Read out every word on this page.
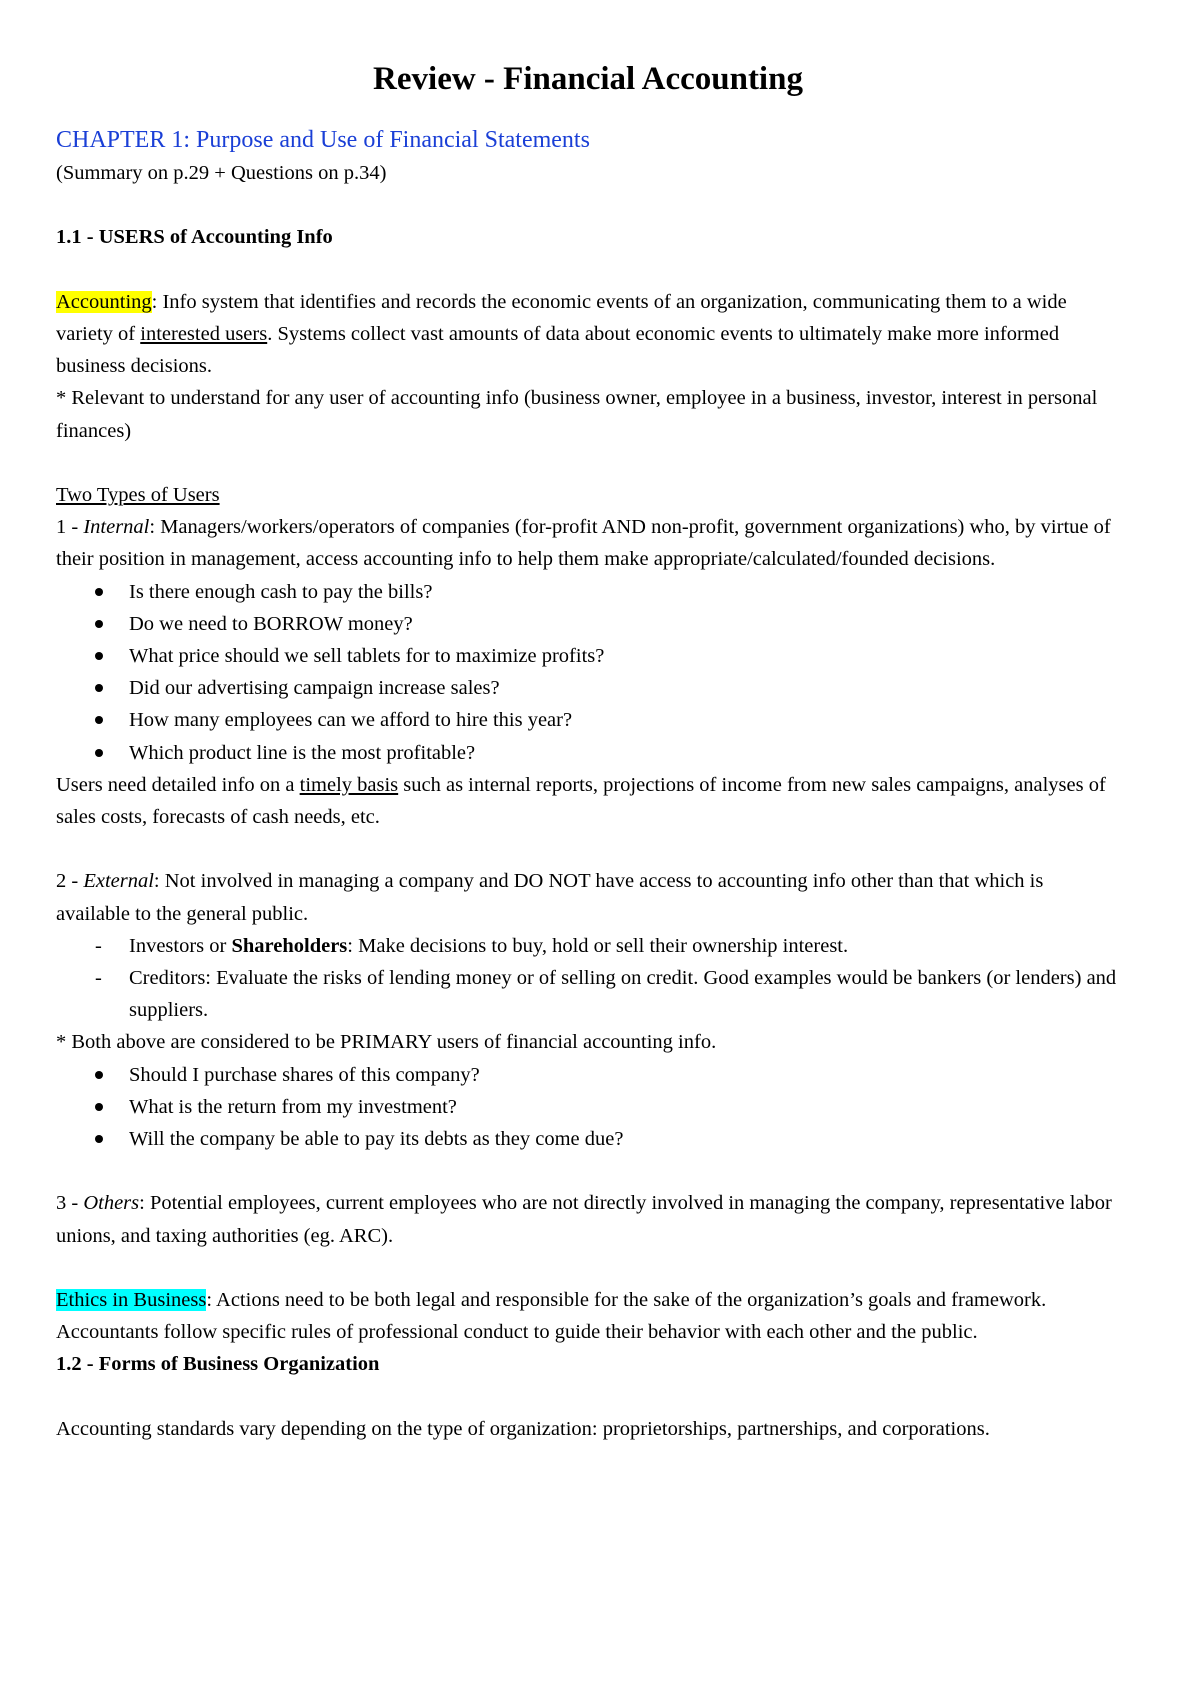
Review - Financial Accounting

CHAPTER 1: Purpose and Use of Financial Statements

(Summary on p.29 + Questions on p.34)

1.1 - USERS of Accounting Info

Accounting: Info system that identifies and records the economic events of an organization, communicating them to a wide variety of interested users. Systems collect vast amounts of data about economic events to ultimately make more informed business decisions.

* Relevant to understand for any user of accounting info (business owner, employee in a business, investor, interest in personal finances)

Two Types of Users

1 - Internal: Managers/workers/operators of companies (for-profit AND non-profit, government organizations) who, by virtue of their position in management, access accounting info to help them make appropriate/calculated/founded decisions.

Is there enough cash to pay the bills?
Do we need to BORROW money?
What price should we sell tablets for to maximize profits?
Did our advertising campaign increase sales?
How many employees can we afford to hire this year?
Which product line is the most profitable?

Users need detailed info on a timely basis such as internal reports, projections of income from new sales campaigns, analyses of sales costs, forecasts of cash needs, etc.

2 - External: Not involved in managing a company and DO NOT have access to accounting info other than that which is available to the general public.

- Investors or Shareholders: Make decisions to buy, hold or sell their ownership interest.
- Creditors: Evaluate the risks of lending money or of selling on credit. Good examples would be bankers (or lenders) and suppliers.

* Both above are considered to be PRIMARY users of financial accounting info.

Should I purchase shares of this company?
What is the return from my investment?
Will the company be able to pay its debts as they come due?

3 - Others: Potential employees, current employees who are not directly involved in managing the company, representative labor unions, and taxing authorities (eg. ARC).

Ethics in Business: Actions need to be both legal and responsible for the sake of the organization’s goals and framework. Accountants follow specific rules of professional conduct to guide their behavior with each other and the public.

1.2 - Forms of Business Organization

Accounting standards vary depending on the type of organization: proprietorships, partnerships, and corporations.
